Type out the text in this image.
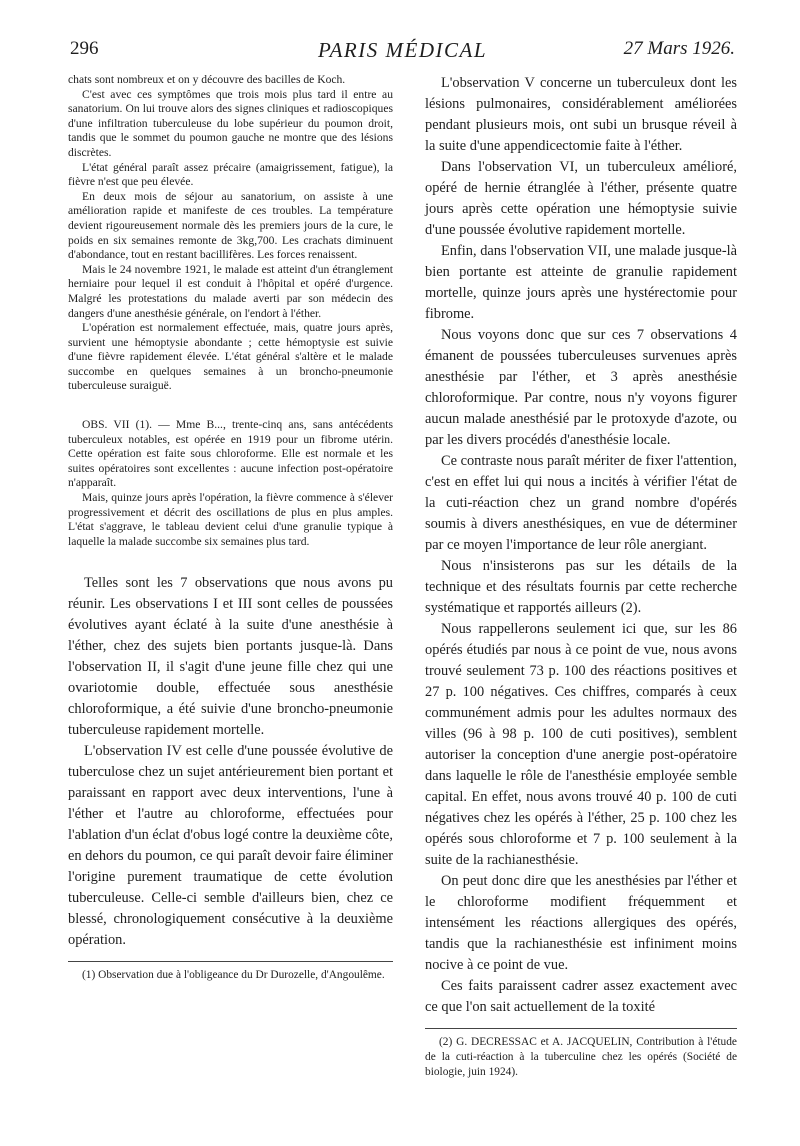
296	PARIS MÉDICAL	27 Mars 1926.

chats sont nombreux et on y découvre des bacilles de Koch.

C'est avec ces symptômes que trois mois plus tard il entre au sanatorium. On lui trouve alors des signes cliniques et radioscopiques d'une infiltration tuberculeuse du lobe supérieur du poumon droit, tandis que le sommet du poumon gauche ne montre que des lésions discrètes.

L'état général paraît assez précaire (amaigrissement, fatigue), la fièvre n'est que peu élevée.

En deux mois de séjour au sanatorium, on assiste à une amélioration rapide et manifeste de ces troubles. La température devient rigoureusement normale dès les premiers jours de la cure, le poids en six semaines remonte de 3kg,700. Les crachats diminuent d'abondance, tout en restant bacillifères. Les forces renaissent.

Mais le 24 novembre 1921, le malade est atteint d'un étranglement herniaire pour lequel il est conduit à l'hôpital et opéré d'urgence. Malgré les protestations du malade averti par son médecin des dangers d'une anesthésie générale, on l'endort à l'éther.

L'opération est normalement effectuée, mais, quatre jours après, survient une hémoptysie abondante ; cette hémoptysie est suivie d'une fièvre rapidement élevée. L'état général s'altère et le malade succombe en quelques semaines à un broncho-pneumonie tuberculeuse suraiguë.

OBS. VII (1). — Mme B..., trente-cinq ans, sans antécédents tuberculeux notables, est opérée en 1919 pour un fibrome utérin. Cette opération est faite sous chloroforme. Elle est normale et les suites opératoires sont excellentes : aucune infection post-opératoire n'apparaît.

Mais, quinze jours après l'opération, la fièvre commence à s'élever progressivement et décrit des oscillations de plus en plus amples. L'état s'aggrave, le tableau devient celui d'une granulie typique à laquelle la malade succombe six semaines plus tard.

Telles sont les 7 observations que nous avons pu réunir. Les observations I et III sont celles de poussées évolutives ayant éclaté à la suite d'une anesthésie à l'éther, chez des sujets bien portants jusque-là. Dans l'observation II, il s'agit d'une jeune fille chez qui une ovariotomie double, effectuée sous anesthésie chloroformique, a été suivie d'une broncho-pneumonie tuberculeuse rapidement mortelle.

L'observation IV est celle d'une poussée évolutive de tuberculose chez un sujet antérieurement bien portant et paraissant en rapport avec deux interventions, l'une à l'éther et l'autre au chloroforme, effectuées pour l'ablation d'un éclat d'obus logé contre la deuxième côte, en dehors du poumon, ce qui paraît devoir faire éliminer l'origine purement traumatique de cette évolution tuberculeuse. Celle-ci semble d'ailleurs bien, chez ce blessé, chronologiquement consécutive à la deuxième opération.

(1) Observation due à l'obligeance du Dr Durozelle, d'Angoulême.

L'observation V concerne un tuberculeux dont les lésions pulmonaires, considérablement améliorées pendant plusieurs mois, ont subi un brusque réveil à la suite d'une appendicectomie faite à l'éther.

Dans l'observation VI, un tuberculeux amélioré, opéré de hernie étranglée à l'éther, présente quatre jours après cette opération une hémoptysie suivie d'une poussée évolutive rapidement mortelle.

Enfin, dans l'observation VII, une malade jusque-là bien portante est atteinte de granulie rapidement mortelle, quinze jours après une hystérectomie pour fibrome.

Nous voyons donc que sur ces 7 observations 4 émanent de poussées tuberculeuses survenues après anesthésie par l'éther, et 3 après anesthésie chloroformique. Par contre, nous n'y voyons figurer aucun malade anesthésié par le protoxyde d'azote, ou par les divers procédés d'anesthésie locale.

Ce contraste nous paraît mériter de fixer l'attention, c'est en effet lui qui nous a incités à vérifier l'état de la cuti-réaction chez un grand nombre d'opérés soumis à divers anesthésiques, en vue de déterminer par ce moyen l'importance de leur rôle anergiant.

Nous n'insisterons pas sur les détails de la technique et des résultats fournis par cette recherche systématique et rapportés ailleurs (2).

Nous rappellerons seulement ici que, sur les 86 opérés étudiés par nous à ce point de vue, nous avons trouvé seulement 73 p. 100 des réactions positives et 27 p. 100 négatives. Ces chiffres, comparés à ceux communément admis pour les adultes normaux des villes (96 à 98 p. 100 de cuti positives), semblent autoriser la conception d'une anergie post-opératoire dans laquelle le rôle de l'anesthésie employée semble capital. En effet, nous avons trouvé 40 p. 100 de cuti négatives chez les opérés à l'éther, 25 p. 100 chez les opérés sous chloroforme et 7 p. 100 seulement à la suite de la rachianesthésie.

On peut donc dire que les anesthésies par l'éther et le chloroforme modifient fréquemment et intensément les réactions allergiques des opérés, tandis que la rachianesthésie est infiniment moins nocive à ce point de vue.

Ces faits paraissent cadrer assez exactement avec ce que l'on sait actuellement de la toxité

(2) G. DECRESSAC et A. JACQUELIN, Contribution à l'étude de la cuti-réaction à la tuberculine chez les opérés (Société de biologie, juin 1924).
